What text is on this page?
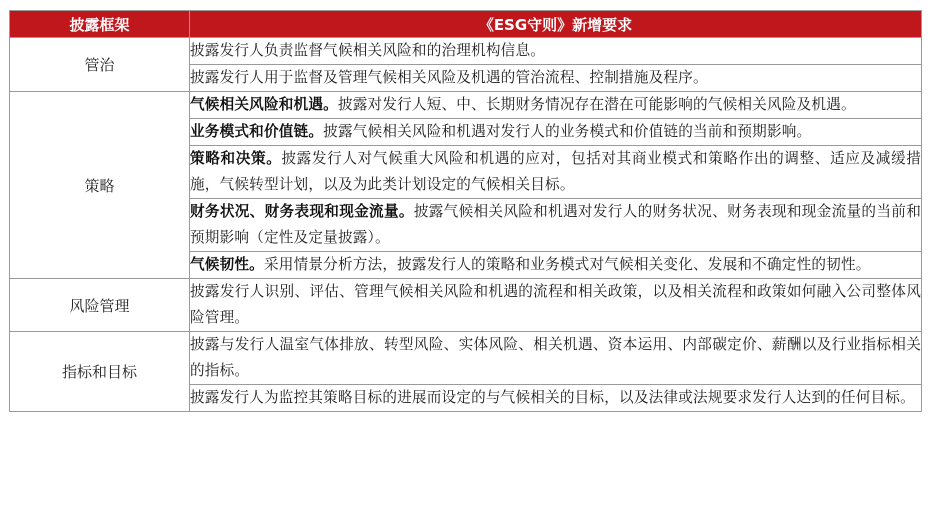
披露框架	《ESG守则》新增要求
管治	披露发行人负责监督气候相关风险和的治理机构信息。
	披露发行人用于监督及管理气候相关风险及机遇的管治流程、控制措施及程序。
策略	气候相关风险和机遇。披露对发行人短、中、长期财务情况存在潜在可能影响的气候相关风险及机遇。
	业务模式和价值链。披露气候相关风险和机遇对发行人的业务模式和价值链的当前和预期影响。
	策略和决策。披露发行人对气候重大风险和机遇的应对，包括对其商业模式和策略作出的调整、适应及减缓措施，气候转型计划，以及为此类计划设定的气候相关目标。
	财务状况、财务表现和现金流量。披露气候相关风险和机遇对发行人的财务状况、财务表现和现金流量的当前和预期影响（定性及定量披露）。
	气候韧性。采用情景分析方法，披露发行人的策略和业务模式对气候相关变化、发展和不确定性的韧性。
风险管理	披露发行人识别、评估、管理气候相关风险和机遇的流程和相关政策，以及相关流程和政策如何融入公司整体风险管理。
指标和目标	披露与发行人温室气体排放、转型风险、实体风险、相关机遇、资本运用、内部碳定价、薪酬以及行业指标相关的指标。
	披露发行人为监控其策略目标的进展而设定的与气候相关的目标，以及法律或法规要求发行人达到的任何目标。
